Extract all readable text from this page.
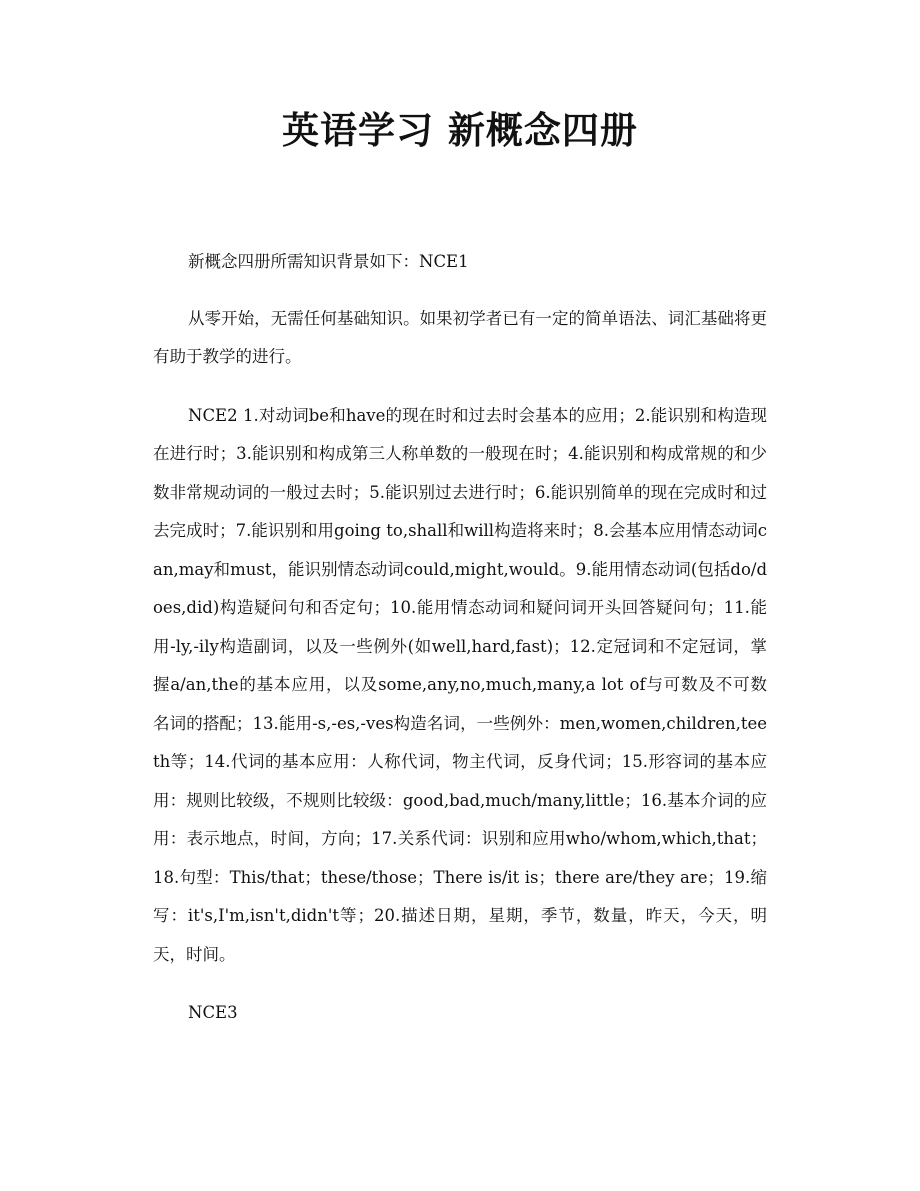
英语学习 新概念四册

新概念四册所需知识背景如下：NCE1

从零开始，无需任何基础知识。如果初学者已有一定的简单语法、词汇基础将更有助于教学的进行。

NCE2 1.对动词be和have的现在时和过去时会基本的应用；2.能识别和构造现在进行时；3.能识别和构成第三人称单数的一般现在时；4.能识别和构成常规的和少数非常规动词的一般过去时；5.能识别过去进行时；6.能识别简单的现在完成时和过去完成时；7.能识别和用going to,shall和will构造将来时；8.会基本应用情态动词can,may和must，能识别情态动词could,might,would。9.能用情态动词(包括do/does,did)构造疑问句和否定句；10.能用情态动词和疑问词开头回答疑问句；11.能用-ly,-ily构造副词，以及一些例外(如well,hard,fast)；12.定冠词和不定冠词，掌握a/an,the的基本应用，以及some,any,no,much,many,a lot of与可数及不可数名词的搭配；13.能用-s,-es,-ves构造名词，一些例外：men,women,children,teeth等；14.代词的基本应用：人称代词，物主代词，反身代词；15.形容词的基本应用：规则比较级，不规则比较级：good,bad,much/many,little；16.基本介词的应用：表示地点，时间，方向；17.关系代词：识别和应用who/whom,which,that；18.句型：This/that；these/those；There is/it is；there are/they are；19.缩写：it's,I'm,isn't,didn't等；20.描述日期，星期，季节，数量，昨天，今天，明天，时间。

NCE3
